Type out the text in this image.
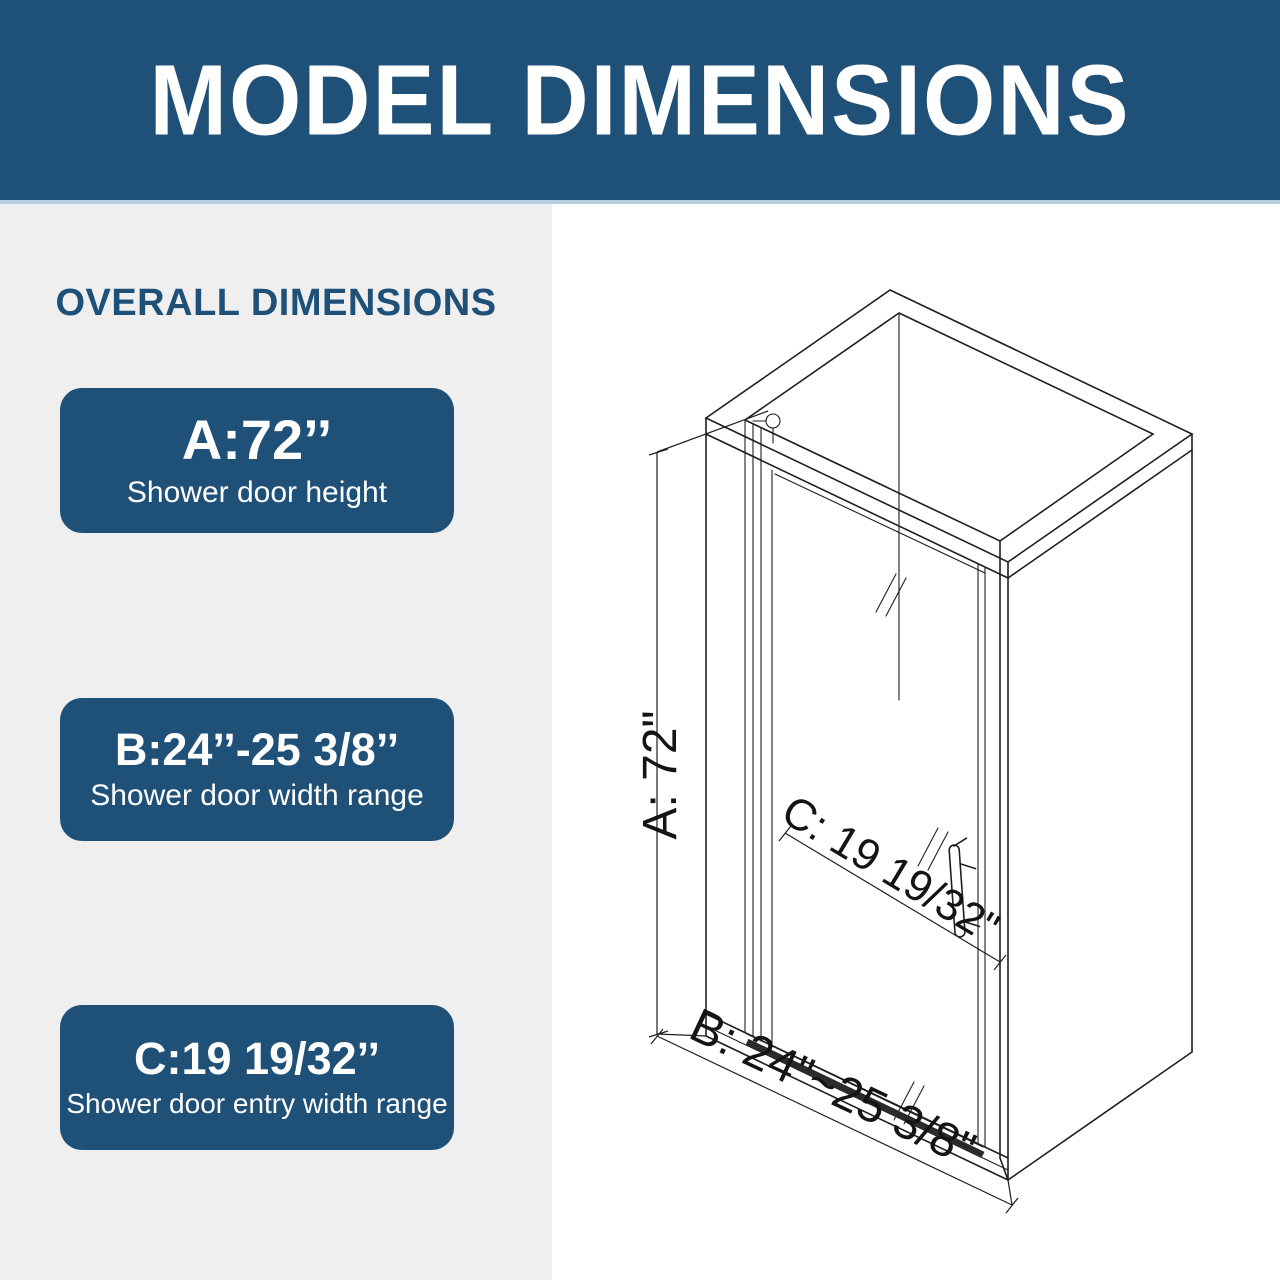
MODEL DIMENSIONS
OVERALL DIMENSIONS
A:72’’
Shower door height
B:24’’-25 3/8’’
Shower door width range
C:19 19/32’’
Shower door entry width range
A: 72"
C: 19 19/32"
B: 24"~25 3/8"
